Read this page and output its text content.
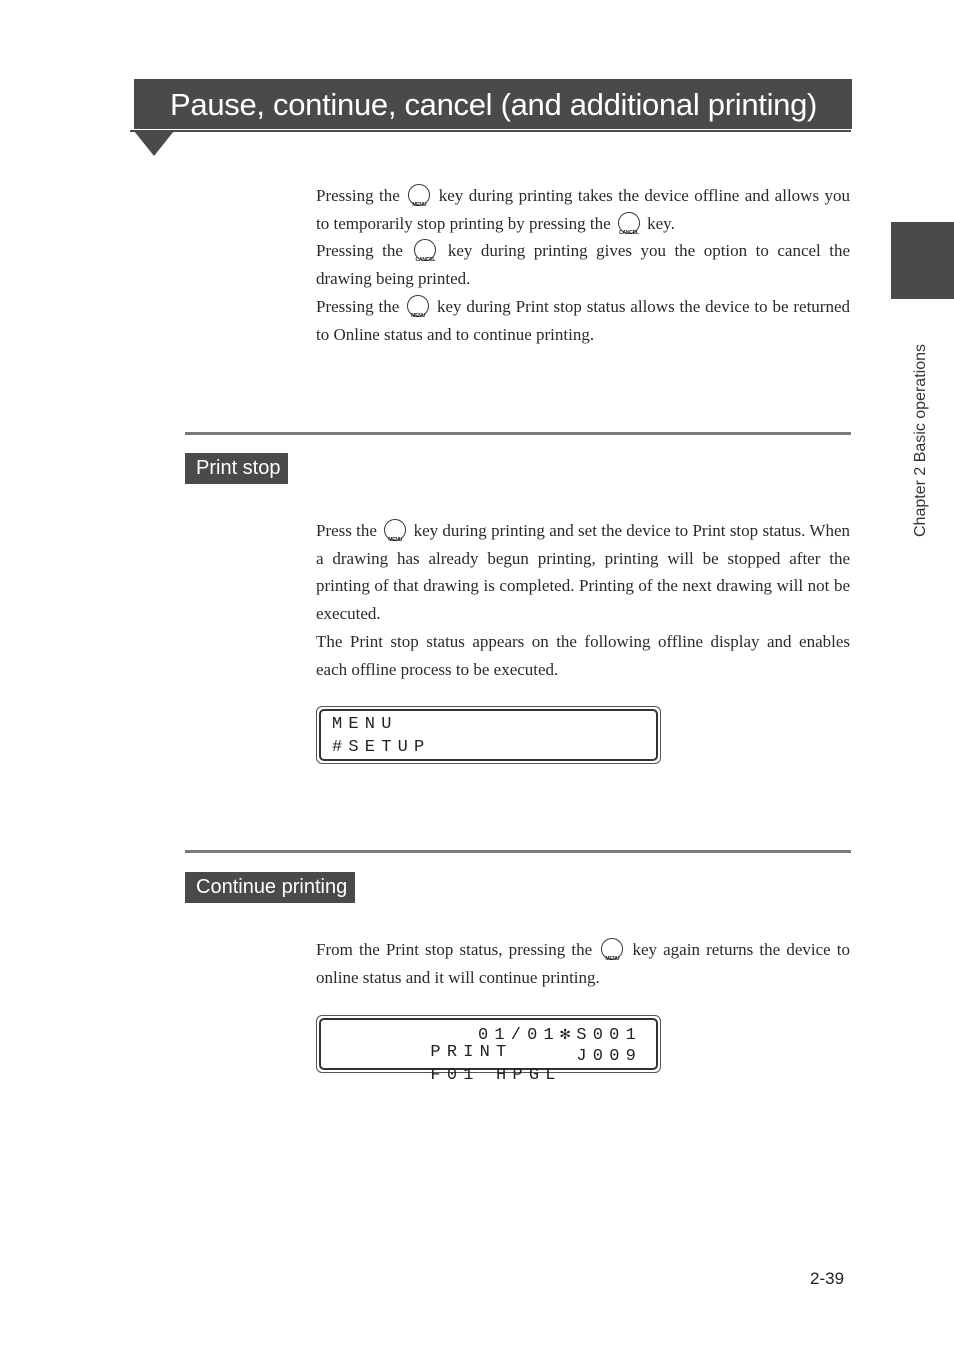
Pause, continue, cancel (and additional printing)
Chapter 2 Basic operations

Pressing the	MENU key during printing takes the device offline and allows you to temporarily stop printing by pressing the CANCEL key.

Pressing the	CANCEL key during printing gives you the option to cancel the drawing being printed.

Pressing the	MENU key during Print stop status allows the device to be returned to Online status and to continue printing.

Print stop

Press the	MENU key during printing and set the device to Print stop status. When a drawing has already begun printing, printing will be stopped after the printing of that drawing is completed. Printing of the next drawing will not be executed.

The Print stop status appears on the following offline display and enables each offline process to be executed.

MENU
#SETUP
Continue printing

From the Print stop status, pressing the	MENU key again returns the device to online status and it will continue printing.

PRINT

01/01✻S001

F01 HPGL

J009

2-39
